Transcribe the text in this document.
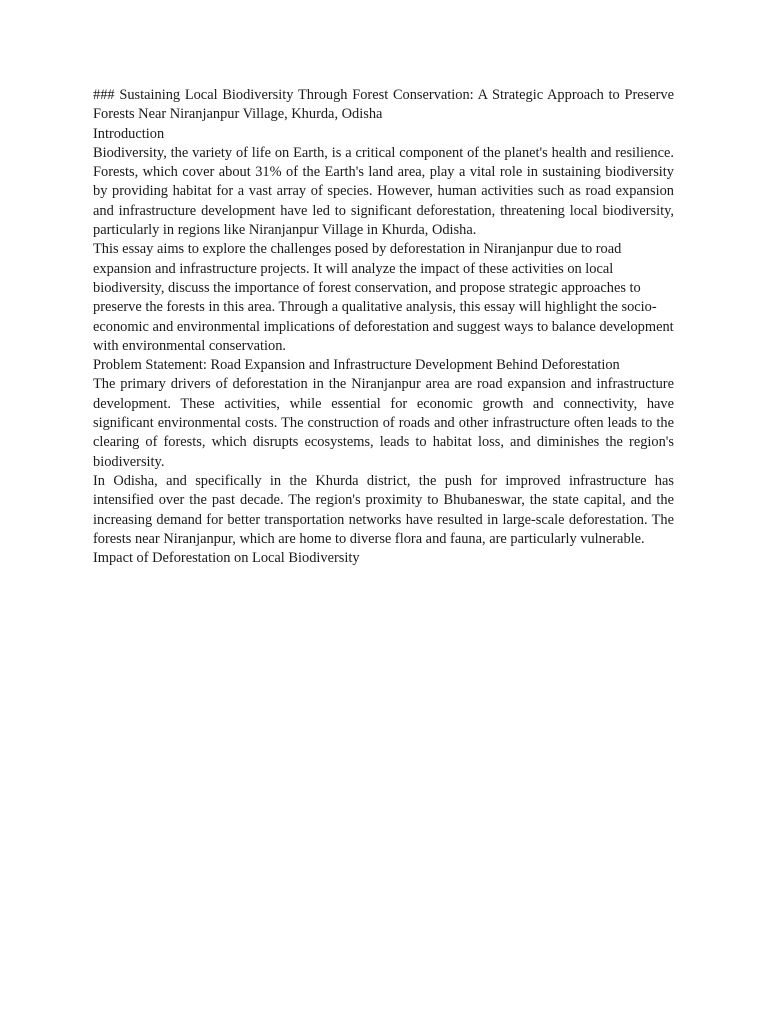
### Sustaining Local Biodiversity Through Forest Conservation: A Strategic Approach to Preserve Forests Near Niranjanpur Village, Khurda, Odisha

Introduction

Biodiversity, the variety of life on Earth, is a critical component of the planet's health and resilience. Forests, which cover about 31% of the Earth's land area, play a vital role in sustaining biodiversity by providing habitat for a vast array of species. However, human activities such as road expansion and infrastructure development have led to significant deforestation, threatening local biodiversity, particularly in regions like Niranjanpur Village in Khurda, Odisha.

This essay aims to explore the challenges posed by deforestation in Niranjanpur due to road expansion and infrastructure projects. It will analyze the impact of these activities on local biodiversity, discuss the importance of forest conservation, and propose strategic approaches to preserve the forests in this area. Through a qualitative analysis, this essay will highlight the socio-economic and environmental implications of deforestation and suggest ways to balance development with environmental conservation.

Problem Statement: Road Expansion and Infrastructure Development Behind Deforestation

The primary drivers of deforestation in the Niranjanpur area are road expansion and infrastructure development. These activities, while essential for economic growth and connectivity, have significant environmental costs. The construction of roads and other infrastructure often leads to the clearing of forests, which disrupts ecosystems, leads to habitat loss, and diminishes the region's biodiversity.

In Odisha, and specifically in the Khurda district, the push for improved infrastructure has intensified over the past decade. The region's proximity to Bhubaneswar, the state capital, and the increasing demand for better transportation networks have resulted in large-scale deforestation. The forests near Niranjanpur, which are home to diverse flora and fauna, are particularly vulnerable.

Impact of Deforestation on Local Biodiversity
